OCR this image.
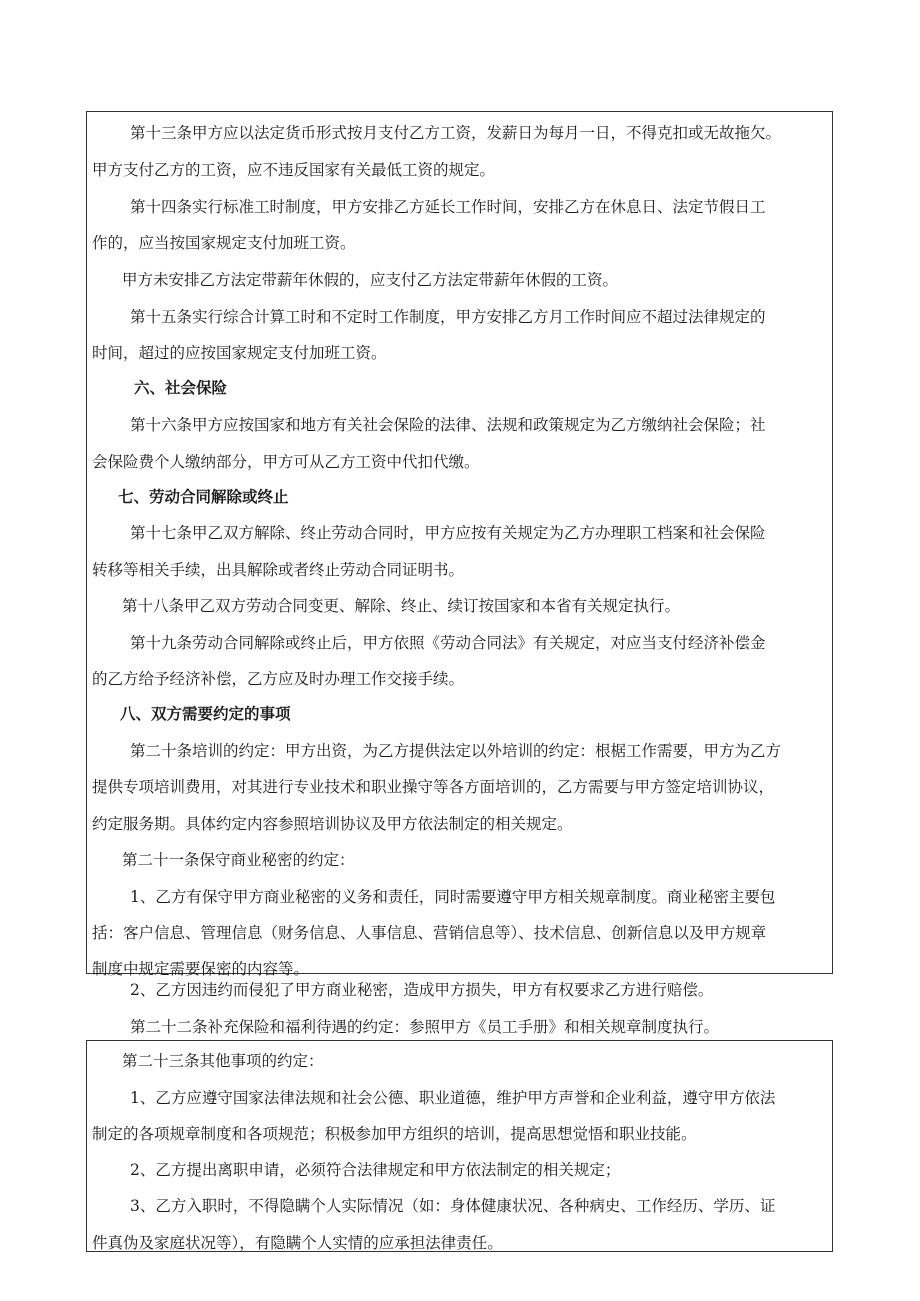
第十三条甲方应以法定货币形式按月支付乙方工资，发薪日为每月一日，不得克扣或无故拖欠。

甲方支付乙方的工资，应不违反国家有关最低工资的规定。

第十四条实行标准工时制度，甲方安排乙方延长工作时间，安排乙方在休息日、法定节假日工

作的，应当按国家规定支付加班工资。

甲方未安排乙方法定带薪年休假的，应支付乙方法定带薪年休假的工资。

第十五条实行综合计算工时和不定时工作制度，甲方安排乙方月工作时间应不超过法律规定的

时间，超过的应按国家规定支付加班工资。

六、社会保险

第十六条甲方应按国家和地方有关社会保险的法律、法规和政策规定为乙方缴纳社会保险；社

会保险费个人缴纳部分，甲方可从乙方工资中代扣代缴。

七、劳动合同解除或终止

第十七条甲乙双方解除、终止劳动合同时，甲方应按有关规定为乙方办理职工档案和社会保险

转移等相关手续，出具解除或者终止劳动合同证明书。

第十八条甲乙双方劳动合同变更、解除、终止、续订按国家和本省有关规定执行。

第十九条劳动合同解除或终止后，甲方依照《劳动合同法》有关规定，对应当支付经济补偿金

的乙方给予经济补偿，乙方应及时办理工作交接手续。

八、双方需要约定的事项

第二十条培训的约定：甲方出资，为乙方提供法定以外培训的约定：根椐工作需要，甲方为乙方

提供专项培训费用，对其进行专业技术和职业操守等各方面培训的，乙方需要与甲方签定培训协议，

约定服务期。具体约定内容参照培训协议及甲方依法制定的相关规定。

第二十一条保守商业秘密的约定：

1、乙方有保守甲方商业秘密的义务和责任，同时需要遵守甲方相关规章制度。商业秘密主要包

括：客户信息、管理信息（财务信息、人事信息、营销信息等）、技术信息、创新信息以及甲方规章

制度中规定需要保密的内容等。

2、乙方因违约而侵犯了甲方商业秘密，造成甲方损失，甲方有权要求乙方进行赔偿。

第二十二条补充保险和福利待遇的约定：参照甲方《员工手册》和相关规章制度执行。

第二十三条其他事项的约定：

1、乙方应遵守国家法律法规和社会公德、职业道德，维护甲方声誉和企业利益，遵守甲方依法

制定的各项规章制度和各项规范；积极参加甲方组织的培训，提高思想觉悟和职业技能。

2、乙方提出离职申请，必须符合法律规定和甲方依法制定的相关规定；

3、乙方入职时，不得隐瞒个人实际情况（如：身体健康状况、各种病史、工作经历、学历、证

件真伪及家庭状况等），有隐瞒个人实情的应承担法律责任。
